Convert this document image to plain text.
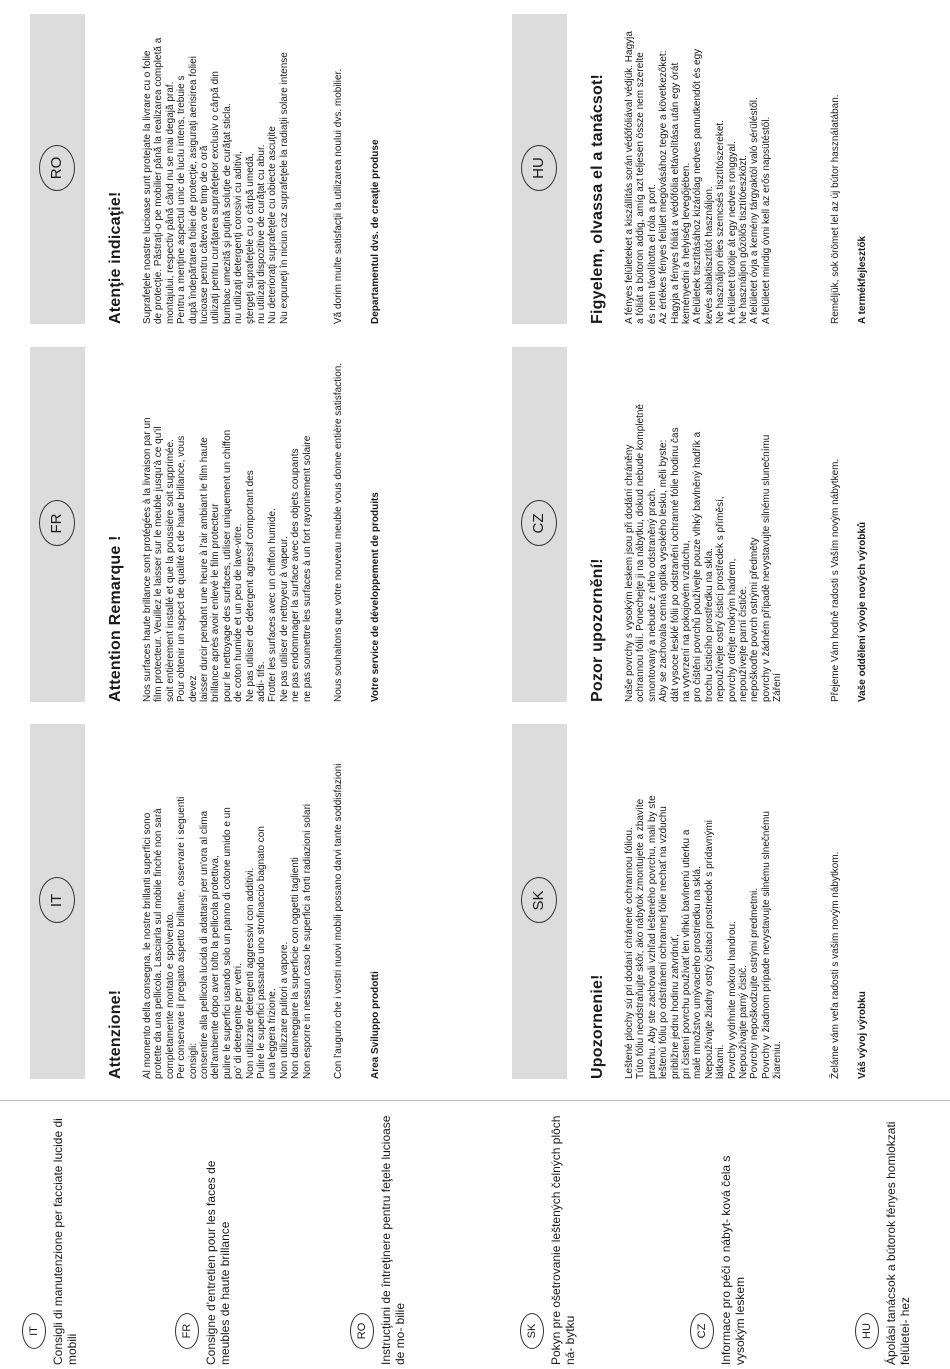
IT Consigli di manutenzione per facciate lucide di mobili
FR Consigne d'entretien pour les faces de meubles de haute brillance	RO Instrucţiuni de întreţinere pentru feţele lucioase de mo- bilie	SK Pokyn pre ošetrovanie leštených čelných plôch ná- bytku	CZ Informace pro péči o nábyt- ková čela s vysokým leskem	HU Ápolási tanácsok a bútorok fényes homlokzati felületei- hez
IT
Attenzione! Al momento della consegna, le nostre brillanti superfici sono protette da una pellicola. Lasciarla sul mobile finché non sarà completamente montato e spolverato. Per conservare il pregiato aspetto brillante, osservare i seguenti consigli: consentire alla pellicola lucida di adattarsi per un'ora al clima dell'ambiente dopo aver tolto la pellicola protettiva, pulire le superfici usando solo un panno di cotone umido e un po' di detergente per vetri. Non utilizzare detergenti aggressivi con additivi. Pulire le superfici passando uno strofinaccio bagnato con una leggera frizione. Non utilizzare pulitori a vapore. Non danneggiare la superficie con oggetti taglienti Non esporre in nessun caso le superfici a forti radiazioni solari Con l'augurio che i vostri nuovi mobili possano darvi tante soddisfazioni	Area Sviluppo prodotti
FR
Attention Remarque ! Nos surfaces haute brillance sont protégées à la livraison par un film protecteur. Veuillez le laisser sur le meuble jusqu'à ce qu'il soit entièrement installé et que la poussière soit supprimée. Pour obtenir un aspect de qualité et de haute brillance, vous devez laisser durcir pendant une heure à l'air ambiant le film haute brillance après avoir enlevé le film protecteur pour le nettoyage des surfaces, utiliser uniquement un chiffon de coton humide et un peu de lave-vitre. Ne pas utiliser de détergent agressif comportant des addi- tifs. Frotter les surfaces avec un chiffon humide. Ne pas utiliser de nettoyeur à vapeur. ne pas endommager la surface avec des objets coupants ne pas soumettre les surfaces à un fort rayonnement solaire Nous souhaitons que votre nouveau meuble vous donne entière satisfaction.	Votre service de développement de produits
RO
Atenţie indicaţie! Suprafeţele noastre lucioase sunt protejate la livrare cu o folie de protecţie. Păstraţi-o pe mobilier până la realizarea completă a montajului, respectiv până când nu se mai degajă praf. Pentru a menţine aspectul unic de lucIu intens, trebuie s după îndepărtarea foliei de protecţie, asiguraţi aerisirea foliei lucioase pentru câteva ore timp de o oră utilizaţi pentru curăţarea suprafeţelor exclusiv o cârpă din bumbac umezită şi puţină soluţie de curăţat sticla. nu utilizaţi detergenţi corosivi cu aditivi, ştergeţi suprafeţele cu o cârpă umedă, nu utilizaţi dispozitive de curăţat cu abur. Nu deterioraţi suprafeţele cu obiecte ascuţite Nu expuneţi în niciun caz suprafeţele la radiaţii solare intense	Vă dorim multe satisfacţii la utilizarea noului dvs. mobilier.	Departamentul dvs. de creaţie produse
SK
Upozornenie! Leštené plochy sú pri dodaní chránené ochrannou fóliou. Túto fóliu neodstraňujte skôr, ako nábytok zmontujete a zbavíte prachu. Aby ste zachovali vzhľad lešteného povrchu, mali by ste leštenú fóliu po odstránení ochrannej fólie nechať na vzduchu približne jednu hodinu zatvrdnúť, pri čistení povrchu používať len vlhkú bavlnenú utierku a malé množstvo umývacieho prostriedku na sklá. Nepoužívajte žiadny ostrý čistiaci prostriedok s prídavnými látkami. Povrchy vydrhnite mokrou handrou. Nepoužívajte parný čistič. Povrchy nepoškodzujte ostrými predmetmi. Povrchy v žiadnom prípade nevystavujte silnému slnečnému žiareniu.	Želáme vám veľa radosti s vašim novým nábytkom. Váš vývoj výrobku
CZ
Pozor upozornění! Naše povrchy s vysokým leskem jsou při dodání chráněny ochrannou fólií. Ponechejte ji na nábytku, dokud nebude kompletně smontovaný a nebude z něho odstraněný prach. Aby se zachovala cenná optika vysokého lesku, měli byste: dát vysoce lesklé fólii po odstranění ochranné fólie hodinu čas na vytvrzení na pokojovém vzduchu, pro čištění povrchů používejte pouze vlhký bavlněný hadřík a trochu čisticího prostředku na skla. nepoužívejte ostrý čisticí prostředek s příměsí, povrchy otřejte mokrým hadrem, nepoužívejte parní čističe. nepoškoďte povrch ostrými předměty povrchy v žádném případě nevystavujte silnému slunečnímu Záření	Přejeme Vám hodně radosti s Vaším novým nábytkem. Vaše oddělení vývoje nových výrobků
HU	Figyelem, olvassa el a tanácsot! A fényes felületeket a kiszállítás során védőfóliával védjük. Hagyja a fóliát a bútoron addig, amíg azt teljesen össze nem szerelte és nem távolította el róla a port. Az értékes fényes felület megóvásához tegye a következőket: Hagyja a fényes fóliát a védőfólia eltávolítása után egy órát keményedni a helyiség levegőjében. A felületek tisztításához kizárólag nedves pamutkendőt és egy kevés ablaktisztítót használjon. Ne használjon éles szemcsés tisztítószereket. A felületet törölje át egy nedves ronggyal. Ne használjon gőzölős tisztítóeszközt. A felületet óvja a kemény tárgyaktól való sérüléstől. A felületet mindig óvni kell az erős napsütéstől.	Reméljük, sok örömet lel az új bútor használatában. A termékfejlesztők
